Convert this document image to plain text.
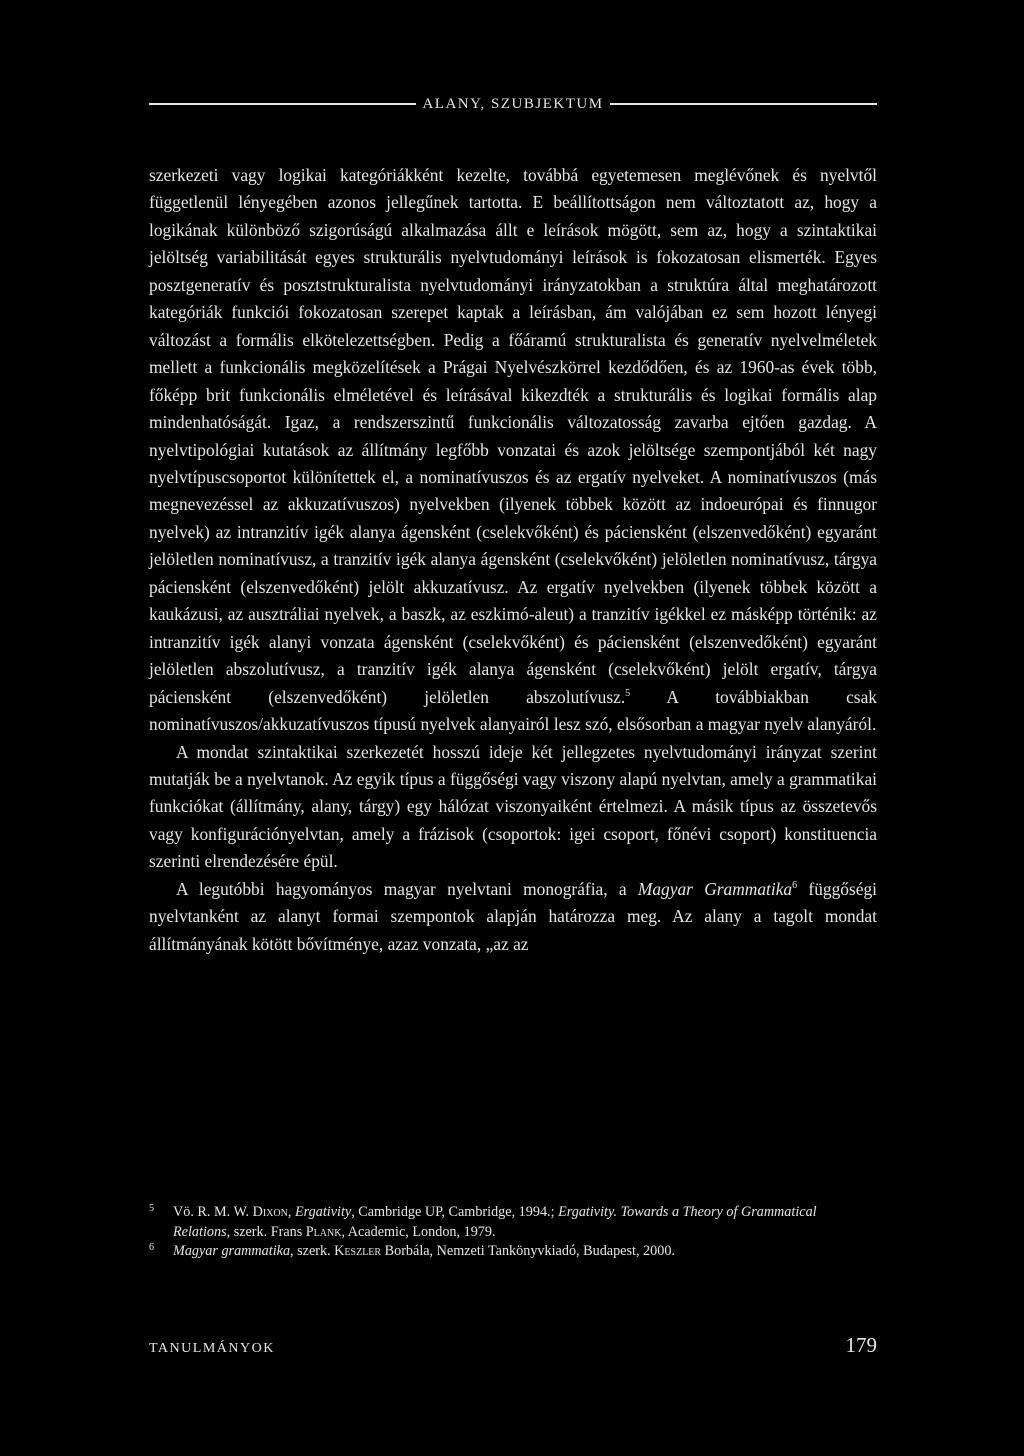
ALANY, SZUBJEKTUM

szerkezeti vagy logikai kategóriákként kezelte, továbbá egyetemesen meglévőnek és nyelvtől függetlenül lényegében azonos jellegűnek tartotta. E beállítottságon nem változtatott az, hogy a logikának különböző szigorúságú alkalmazása állt e leírások mögött, sem az, hogy a szintaktikai jelöltség variabilitását egyes strukturális nyelvtudományi leírások is fokozatosan elismerték. Egyes posztgeneratív és posztstrukturalista nyelvtudományi irányzatokban a struktúra által meghatározott kategóriák funkciói fokozatosan szerepet kaptak a leírásban, ám valójában ez sem hozott lényegi változást a formális elkötelezettségben. Pedig a főáramú strukturalista és generatív nyelvelméletek mellett a funkcionális megközelítések a Prágai Nyelvészkörrel kezdődően, és az 1960-as évek több, főképp brit funkcionális elméletével és leírásával kikezdték a strukturális és logikai formális alap mindenhatóságát. Igaz, a rendszerszintű funkcionális változatosság zavarba ejtően gazdag. A nyelvtipológiai kutatások az állítmány legfőbb vonzatai és azok jelöltsége szempontjából két nagy nyelvtípuscsoportot különítettek el, a nominatívuszos és az ergatív nyelveket. A nominatívuszos (más megnevezéssel az akkuzatívuszos) nyelvekben (ilyenek többek között az indoeurópai és finnugor nyelvek) az intranzitív igék alanya ágensként (cselekvőként) és páciensként (elszenvedőként) egyaránt jelöletlen nominatívusz, a tranzitív igék alanya ágensként (cselekvőként) jelöletlen nominatívusz, tárgya páciensként (elszenvedőként) jelölt akkuzatívusz. Az ergatív nyelvekben (ilyenek többek között a kaukázusi, az ausztráliai nyelvek, a baszk, az eszkimó-aleut) a tranzitív igékkel ez másképp történik: az intranzitív igék alanyi vonzata ágensként (cselekvőként) és páciensként (elszenvedőként) egyaránt jelöletlen abszolutívusz, a tranzitív igék alanya ágensként (cselekvőként) jelölt ergatív, tárgya páciensként (elszenvedőként) jelöletlen abszolutívusz.$^5$ A továbbiakban csak nominatívuszos/akkuzatívuszos típusú nyelvek alanyairól lesz szó, elsősorban a magyar nyelv alanyáról.

A mondat szintaktikai szerkezetét hosszú ideje két jellegzetes nyelvtudományi irányzat szerint mutatják be a nyelvtanok. Az egyik típus a függőségi vagy viszony alapú nyelvtan, amely a grammatikai funkciókat (állítmány, alany, tárgy) egy hálózat viszonyaiként értelmezi. A másik típus az összetevős vagy konfigurációnyelvtan, amely a frázisok (csoportok: igei csoport, főnévi csoport) konstituencia szerinti elrendezésére épül.

A legutóbbi hagyományos magyar nyelvtani monográfia, a Magyar Grammatika$^6$ függőségi nyelvtanként az alanyt formai szempontok alapján határozza meg. Az alany a tagolt mondat állítmányának kötött bővítménye, azaz vonzata, „az az

5 Vö. R. M. W. Dixon, Ergativity, Cambridge UP, Cambridge, 1994.; Ergativity. Towards a Theory of Grammatical Relations, szerk. Frans Plank, Academic, London, 1979.

6 Magyar grammatika, szerk. Keszler Borbála, Nemzeti Tankönyvkiadó, Budapest, 2000.

TANULMÁNYOK	179
